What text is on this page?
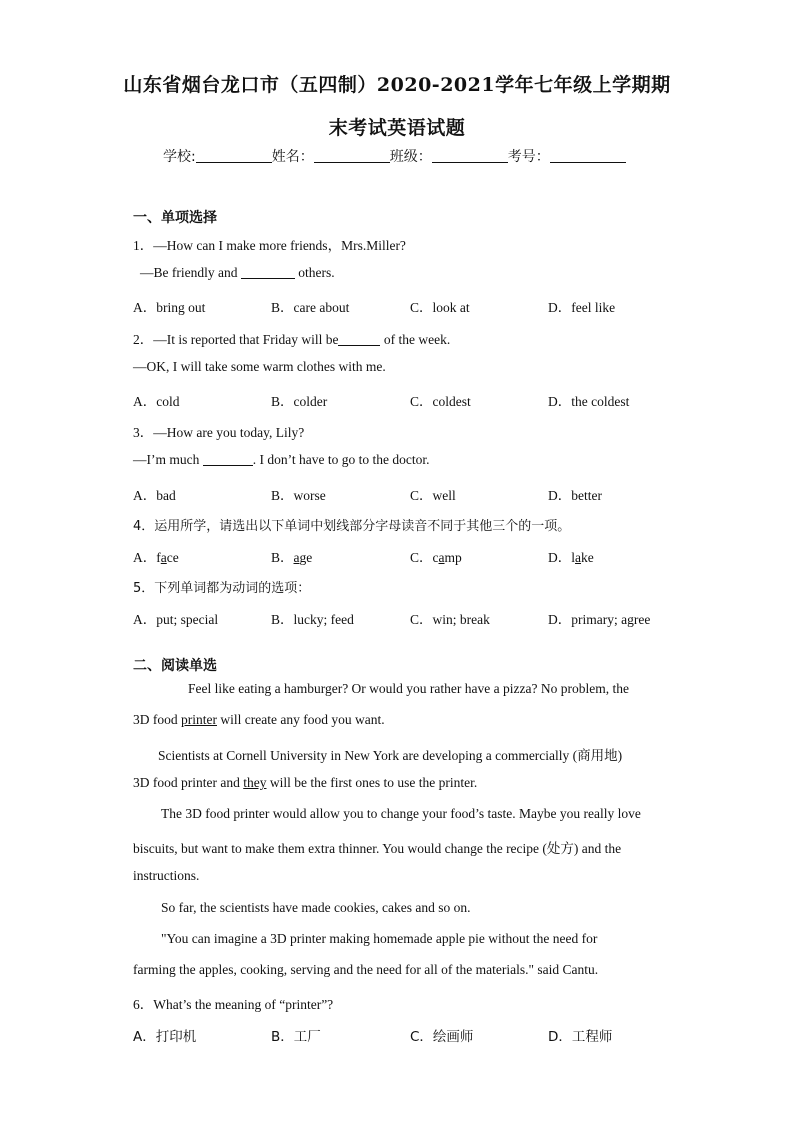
山东省烟台龙口市（五四制）2020-2021学年七年级上学期期
末考试英语试题
学校:	姓名：	班级：	考号：
一、单项选择
1．—How can I make more friends，Mrs.Miller?
—Be friendly and	others.
A．bring out	B．care about	C．look at	D．feel like
2．—It is reported that Friday will be	of the week.
—OK, I will take some warm clothes with me.
A．cold	B．colder	C．coldest	D．the coldest
3．—How are you today, Lily?
—I’m much	. I don’t have to go to the doctor.
A．bad	B．worse	C．well	D．better
4．运用所学，请选出以下单词中划线部分字母读音不同于其他三个的一项。
A．face	B．age	C．camp	D．lake
5．下列单词都为动词的选项：
A．put; special	B．lucky; feed	C．win; break	D．primary; agree
二、阅读单选
Feel like eating a hamburger? Or would you rather have a pizza? No problem, the
3D food printer will create any food you want.
Scientists at Cornell University in New York are developing a commercially (商用地)
3D food printer and they will be the first ones to use the printer.
The 3D food printer would allow you to change your food’s taste. Maybe you really love
biscuits, but want to make them extra thinner. You would change the recipe (处方) and the
instructions.
So far, the scientists have made cookies, cakes and so on.
"You can imagine a 3D printer making homemade apple pie without the need for
farming the apples, cooking, serving and the need for all of the materials." said Cantu.
6．What’s the meaning of “printer”?
A．打印机	B．工厂	C．绘画师	D．工程师
